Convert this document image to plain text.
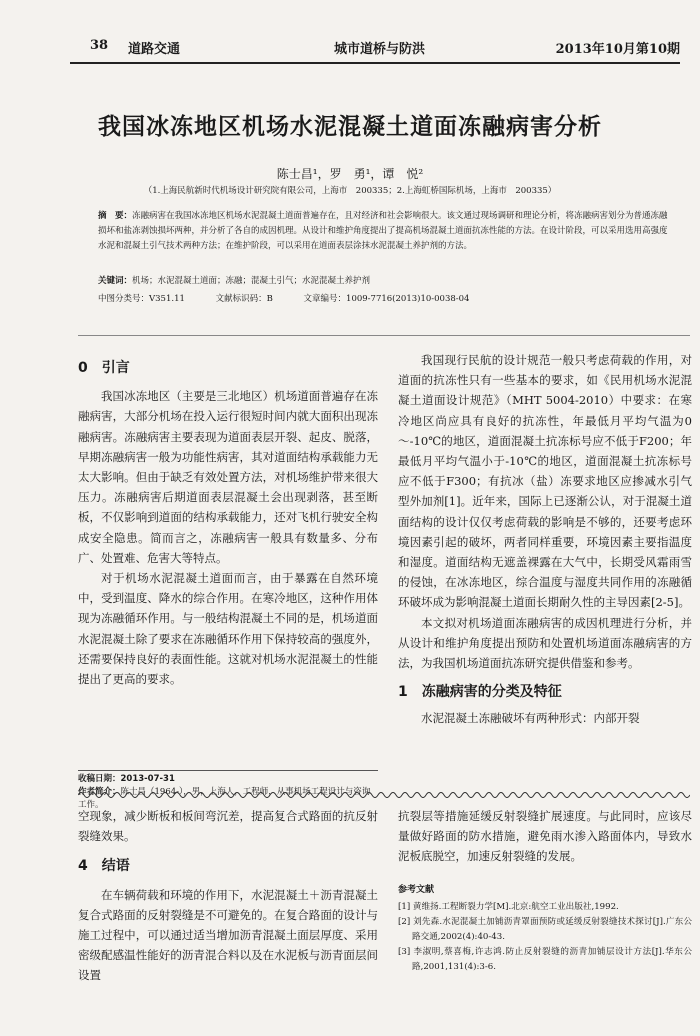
38 道路交通	城市道桥与防洪	2013年10月第10期
我国冰冻地区机场水泥混凝土道面冻融病害分析
陈士昌¹，罗　勇¹，谭　悦²
（1.上海民航新时代机场设计研究院有限公司，上海市　200335；2.上海虹桥国际机场，上海市　200335）
摘　要：冻融病害在我国冰冻地区机场水泥混凝土道面普遍存在，且对经济和社会影响很大。该文通过现场调研和理论分析，将冻融病害划分为普通冻融损坏和盐冻剥蚀损坏两种，并分析了各自的成因机理。从设计和维护角度提出了提高机场混凝土道面抗冻性能的方法。在设计阶段，可以采用选用高强度水泥和混凝土引气技术两种方法；在维护阶段，可以采用在道面表层涂抹水泥混凝土养护剂的方法。
关键词：机场；水泥混凝土道面；冻融；混凝土引气；水泥混凝土养护剂
中图分类号：V351.11	文献标识码：B	文章编号：1009-7716(2013)10-0038-04
0　引言

我国冰冻地区（主要是三北地区）机场道面普遍存在冻融病害，大部分机场在投入运行很短时间内就大面积出现冻融病害。冻融病害主要表现为道面表层开裂、起皮、脱落，早期冻融病害一般为功能性病害，其对道面结构承载能力无太大影响。但由于缺乏有效处置方法，对机场维护带来很大压力。冻融病害后期道面表层混凝土会出现剥落，甚至断板，不仅影响到道面的结构承载能力，还对飞机行驶安全构成安全隐患。简而言之，冻融病害一般具有数量多、分布广、处置难、危害大等特点。

对于机场水泥混凝土道面而言，由于暴露在自然环境中，受到温度、降水的综合作用。在寒冷地区，这种作用体现为冻融循环作用。与一般结构混凝土不同的是，机场道面水泥混凝土除了要求在冻融循环作用下保持较高的强度外，还需要保持良好的表面性能。这就对机场水泥混凝土的性能提出了更高的要求。

收稿日期：2013-07-31
作者简介：陈士昌（1964-），男，上海人，工程师，从事机场工程设计与咨询工作。

我国现行民航的设计规范一般只考虑荷载的作用，对道面的抗冻性只有一些基本的要求，如《民用机场水泥混凝土道面设计规范》（MHT 5004-2010）中要求：在寒冷地区尚应具有良好的抗冻性，年最低月平均气温为0～-10℃的地区，道面混凝土抗冻标号应不低于F200；年最低月平均气温小于-10℃的地区，道面混凝土抗冻标号应不低于F300；有抗冰（盐）冻要求地区应掺减水引气型外加剂[1]。近年来，国际上已逐渐公认，对于混凝土道面结构的设计仅仅考虑荷载的影响是不够的，还要考虑环境因素引起的破坏，两者同样重要，环境因素主要指温度和湿度。道面结构无遮盖裸露在大气中，长期受风霜雨雪的侵蚀，在冰冻地区，综合温度与湿度共同作用的冻融循环破坏成为影响混凝土道面长期耐久性的主导因素[2-5]。

本文拟对机场道面冻融病害的成因机理进行分析，并从设计和维护角度提出预防和处置机场道面冻融病害的方法，为我国机场道面抗冻研究提供借鉴和参考。

1　冻融病害的分类及特征

水泥混凝土冻融破坏有两种形式：内部开裂

空现象，减少断板和板间弯沉差，提高复合式路面的抗反射裂缝效果。

4　结语

在车辆荷载和环境的作用下，水泥混凝土＋沥青混凝土复合式路面的反射裂缝是不可避免的。在复合路面的设计与施工过程中，可以通过适当增加沥青混凝土面层厚度、采用密级配感温性能好的沥青混合料以及在水泥板与沥青面层间设置

抗裂层等措施延缓反射裂缝扩展速度。与此同时，应该尽量做好路面的防水措施，避免雨水渗入路面体内，导致水泥板底脱空，加速反射裂缝的发展。

参考文献
[1] 黄维扬.工程断裂力学[M].北京:航空工业出版社,1992.
[2] 刘先森.水泥混凝土加铺沥青罩面预防或延缓反射裂缝技术探讨[J].广东公路交通,2002(4):40-43.
[3] 李淑明,蔡喜梅,许志鸿.防止反射裂缝的沥青加铺层设计方法[J].华东公路,2001,131(4):3-6.
